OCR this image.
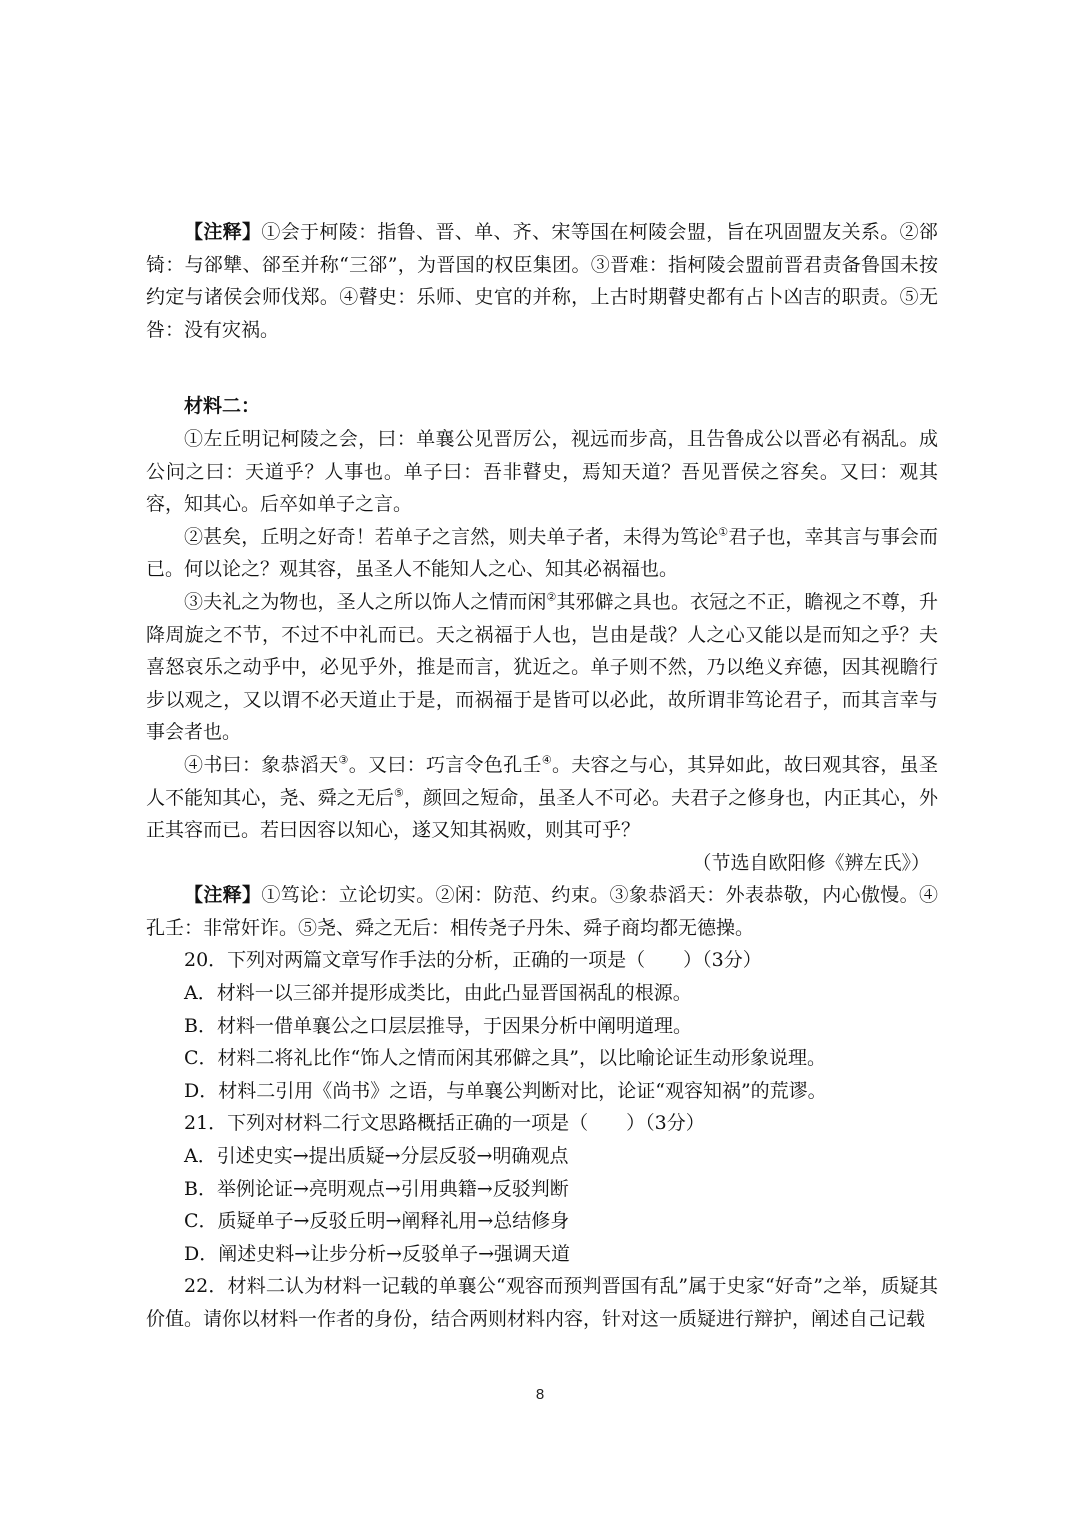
【注释】①会于柯陵：指鲁、晋、单、齐、宋等国在柯陵会盟，旨在巩固盟友关系。②郤锜：与郤犨、郤至并称“三郤”，为晋国的权臣集团。③晋难：指柯陵会盟前晋君责备鲁国未按约定与诸侯会师伐郑。④瞽史：乐师、史官的并称，上古时期瞽史都有占卜凶吉的职责。⑤无咎：没有灾祸。

材料二：

①左丘明记柯陵之会，曰：单襄公见晋厉公，视远而步高，且告鲁成公以晋必有祸乱。成公问之曰：天道乎？人事也。单子曰：吾非瞽史，焉知天道？吾见晋侯之容矣。又曰：观其容，知其心。后卒如单子之言。

②甚矣，丘明之好奇！若单子之言然，则夫单子者，未得为笃论①君子也，幸其言与事会而已。何以论之？观其容，虽圣人不能知人之心、知其必祸福也。

③夫礼之为物也，圣人之所以饰人之情而闲②其邪僻之具也。衣冠之不正，瞻视之不尊，升降周旋之不节，不过不中礼而已。天之祸福于人也，岂由是哉？人之心又能以是而知之乎？夫喜怒哀乐之动乎中，必见乎外，推是而言，犹近之。单子则不然，乃以绝义弃德，因其视瞻行步以观之，又以谓不必天道止于是，而祸福于是皆可以必此，故所谓非笃论君子，而其言幸与事会者也。

④书曰：象恭滔天③。又曰：巧言令色孔壬④。夫容之与心，其异如此，故曰观其容，虽圣人不能知其心，尧、舜之无后⑤，颜回之短命，虽圣人不可必。夫君子之修身也，内正其心，外正其容而已。若曰因容以知心，遂又知其祸败，则其可乎？

（节选自欧阳修《辨左氏》）

【注释】①笃论：立论切实。②闲：防范、约束。③象恭滔天：外表恭敬，内心傲慢。④孔壬：非常奸诈。⑤尧、舜之无后：相传尧子丹朱、舜子商均都无德操。

20．下列对两篇文章写作手法的分析，正确的一项是（　　）（3分）

A．材料一以三郤并提形成类比，由此凸显晋国祸乱的根源。

B．材料一借单襄公之口层层推导，于因果分析中阐明道理。

C．材料二将礼比作“饰人之情而闲其邪僻之具”，以比喻论证生动形象说理。

D．材料二引用《尚书》之语，与单襄公判断对比，论证“观容知祸”的荒谬。

21．下列对材料二行文思路概括正确的一项是（　　）（3分）

A．引述史实→提出质疑→分层反驳→明确观点

B．举例论证→亮明观点→引用典籍→反驳判断

C．质疑单子→反驳丘明→阐释礼用→总结修身

D．阐述史料→让步分析→反驳单子→强调天道

22．材料二认为材料一记载的单襄公“观容而预判晋国有乱”属于史家“好奇”之举，质疑其价值。请你以材料一作者的身份，结合两则材料内容，针对这一质疑进行辩护，阐述自己记载

8
